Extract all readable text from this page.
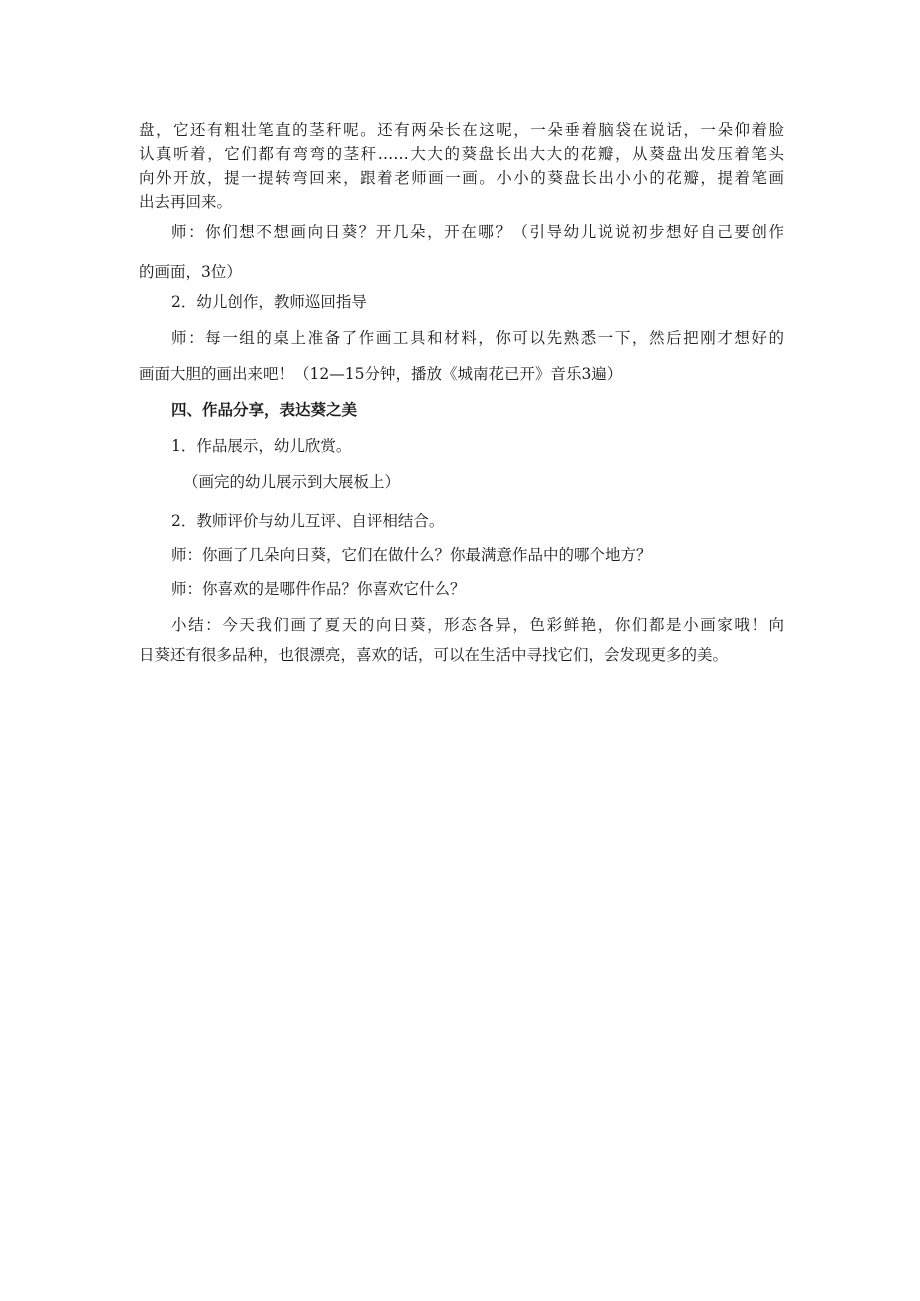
盘，它还有粗壮笔直的茎秆呢。还有两朵长在这呢，一朵垂着脑袋在说话，一朵仰着脸
认真听着，它们都有弯弯的茎秆……大大的葵盘长出大大的花瓣，从葵盘出发压着笔头
向外开放，提一提转弯回来，跟着老师画一画。小小的葵盘长出小小的花瓣，提着笔画
出去再回来。
师：你们想不想画向日葵？开几朵，开在哪？（引导幼儿说说初步想好自己要创作
的画面，3位）
2．幼儿创作，教师巡回指导
师：每一组的桌上准备了作画工具和材料，你可以先熟悉一下，然后把刚才想好的
画面大胆的画出来吧！（12—15分钟，播放《城南花已开》音乐3遍）
四、作品分享，表达葵之美
1．作品展示，幼儿欣赏。
（画完的幼儿展示到大展板上）
2．教师评价与幼儿互评、自评相结合。
师：你画了几朵向日葵，它们在做什么？你最满意作品中的哪个地方？
师：你喜欢的是哪件作品？你喜欢它什么？
小结：今天我们画了夏天的向日葵，形态各异，色彩鲜艳，你们都是小画家哦！向
日葵还有很多品种，也很漂亮，喜欢的话，可以在生活中寻找它们，会发现更多的美。
